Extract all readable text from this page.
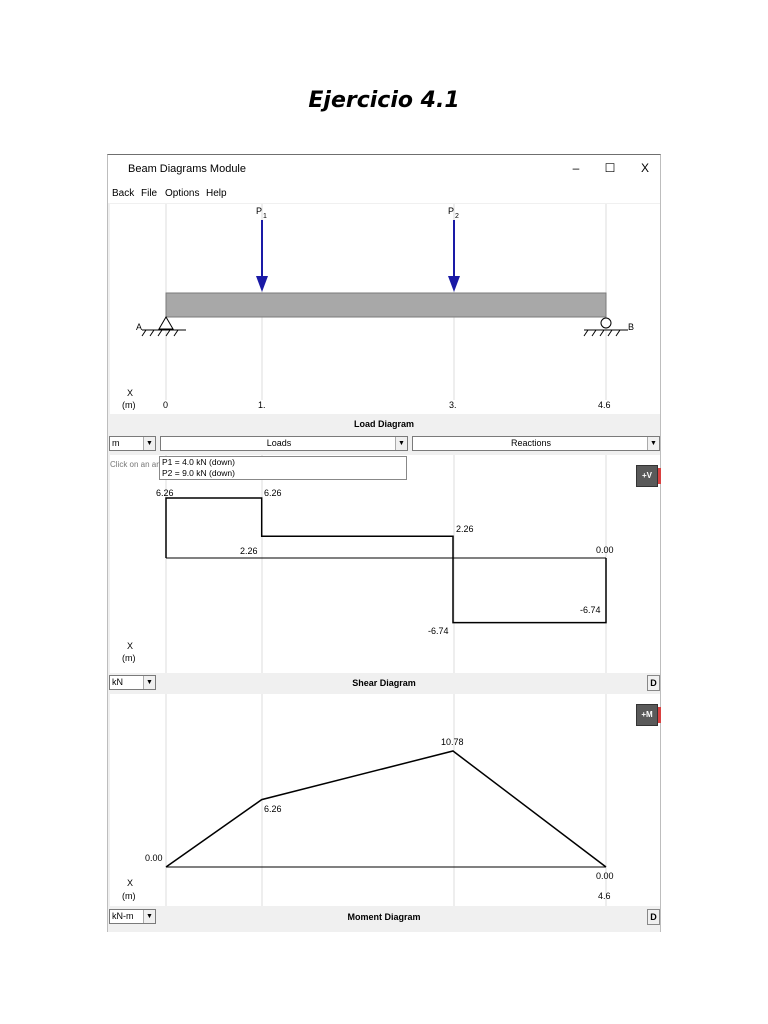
Ejercicio 4.1
Beam Diagrams Module	–	☐	X
Back File Options Help
A	B
P
1
P
2
X
(m)	0	1.	3.	4.6
Load Diagram
m	▼	Loads	▼	Reactions	▼
6.26	6.26
2.26
2.26	0.00
-6.74
-6.74
X
(m)
Click on an ar P1 = 4.0 kN (down)
P2 = 9.0 kN (down)	+V
kN	▼	Shear Diagram	D
0.00
6.26
10.78
0.00
X
(m)	4.6
+M
kN-m	▼	Moment Diagram	D
